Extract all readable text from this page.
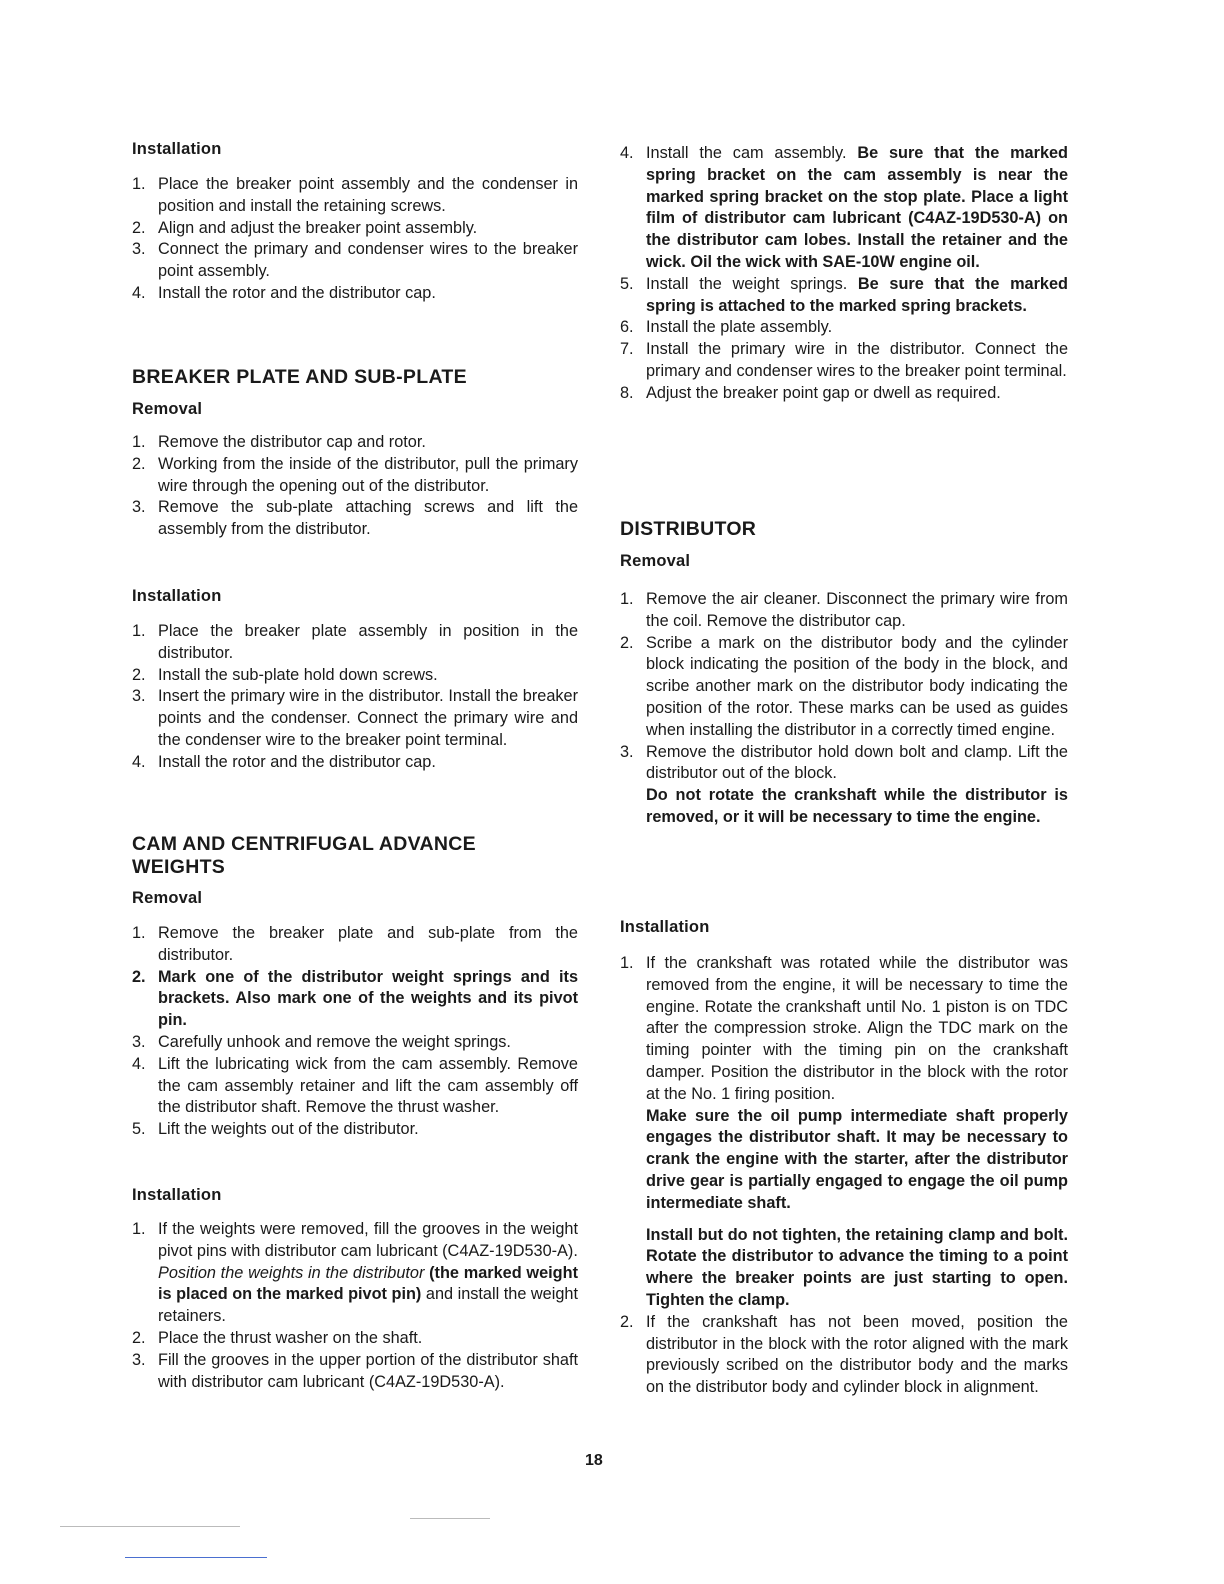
Installation
1. Place the breaker point assembly and the condenser in position and install the retaining screws.
2. Align and adjust the breaker point assembly.
3. Connect the primary and condenser wires to the breaker point assembly.
4. Install the rotor and the distributor cap.
BREAKER PLATE AND SUB-PLATE
Removal
1. Remove the distributor cap and rotor.
2. Working from the inside of the distributor, pull the primary wire through the opening out of the distributor.
3. Remove the sub-plate attaching screws and lift the assembly from the distributor.
Installation
1. Place the breaker plate assembly in position in the distributor.
2. Install the sub-plate hold down screws.
3. Insert the primary wire in the distributor. Install the breaker points and the condenser. Connect the primary wire and the condenser wire to the breaker point terminal.
4. Install the rotor and the distributor cap.
CAM AND CENTRIFUGAL ADVANCE WEIGHTS
Removal
1. Remove the breaker plate and sub-plate from the distributor.
2. Mark one of the distributor weight springs and its brackets. Also mark one of the weights and its pivot pin.
3. Carefully unhook and remove the weight springs.
4. Lift the lubricating wick from the cam assembly. Remove the cam assembly retainer and lift the cam assembly off the distributor shaft. Remove the thrust washer.
5. Lift the weights out of the distributor.
Installation
1. If the weights were removed, fill the grooves in the weight pivot pins with distributor cam lubricant (C4AZ-19D530-A).

Position the weights in the distributor (the marked weight is placed on the marked pivot pin) and install the weight retainers.

2. Place the thrust washer on the shaft.
3. Fill the grooves in the upper portion of the distributor shaft with distributor cam lubricant (C4AZ-19D530-A).
4. Install the cam assembly. Be sure that the marked spring bracket on the cam assembly is near the marked spring bracket on the stop plate. Place a light film of distributor cam lubricant (C4AZ-19D530-A) on the distributor cam lobes. Install the retainer and the wick. Oil the wick with SAE-10W engine oil.
5. Install the weight springs. Be sure that the marked spring is attached to the marked spring brackets.
6. Install the plate assembly.
7. Install the primary wire in the distributor. Connect the primary and condenser wires to the breaker point terminal.
8. Adjust the breaker point gap or dwell as required.
DISTRIBUTOR
Removal
1. Remove the air cleaner. Disconnect the primary wire from the coil. Remove the distributor cap.
2. Scribe a mark on the distributor body and the cylinder block indicating the position of the body in the block, and scribe another mark on the distributor body indicating the position of the rotor. These marks can be used as guides when installing the distributor in a correctly timed engine.
3. Remove the distributor hold down bolt and clamp. Lift the distributor out of the block.

Do not rotate the crankshaft while the distributor is removed, or it will be necessary to time the engine.

Installation
1. If the crankshaft was rotated while the distributor was removed from the engine, it will be necessary to time the engine. Rotate the crankshaft until No. 1 piston is on TDC after the compression stroke. Align the TDC mark on the timing pointer with the timing pin on the crankshaft damper. Position the distributor in the block with the rotor at the No. 1 firing position.

Make sure the oil pump intermediate shaft properly engages the distributor shaft. It may be necessary to crank the engine with the starter, after the distributor drive gear is partially engaged to engage the oil pump intermediate shaft.

Install but do not tighten, the retaining clamp and bolt. Rotate the distributor to advance the timing to a point where the breaker points are just starting to open. Tighten the clamp.

2. If the crankshaft has not been moved, position the distributor in the block with the rotor aligned with the mark previously scribed on the distributor body and the marks on the distributor body and cylinder block in alignment.
18
